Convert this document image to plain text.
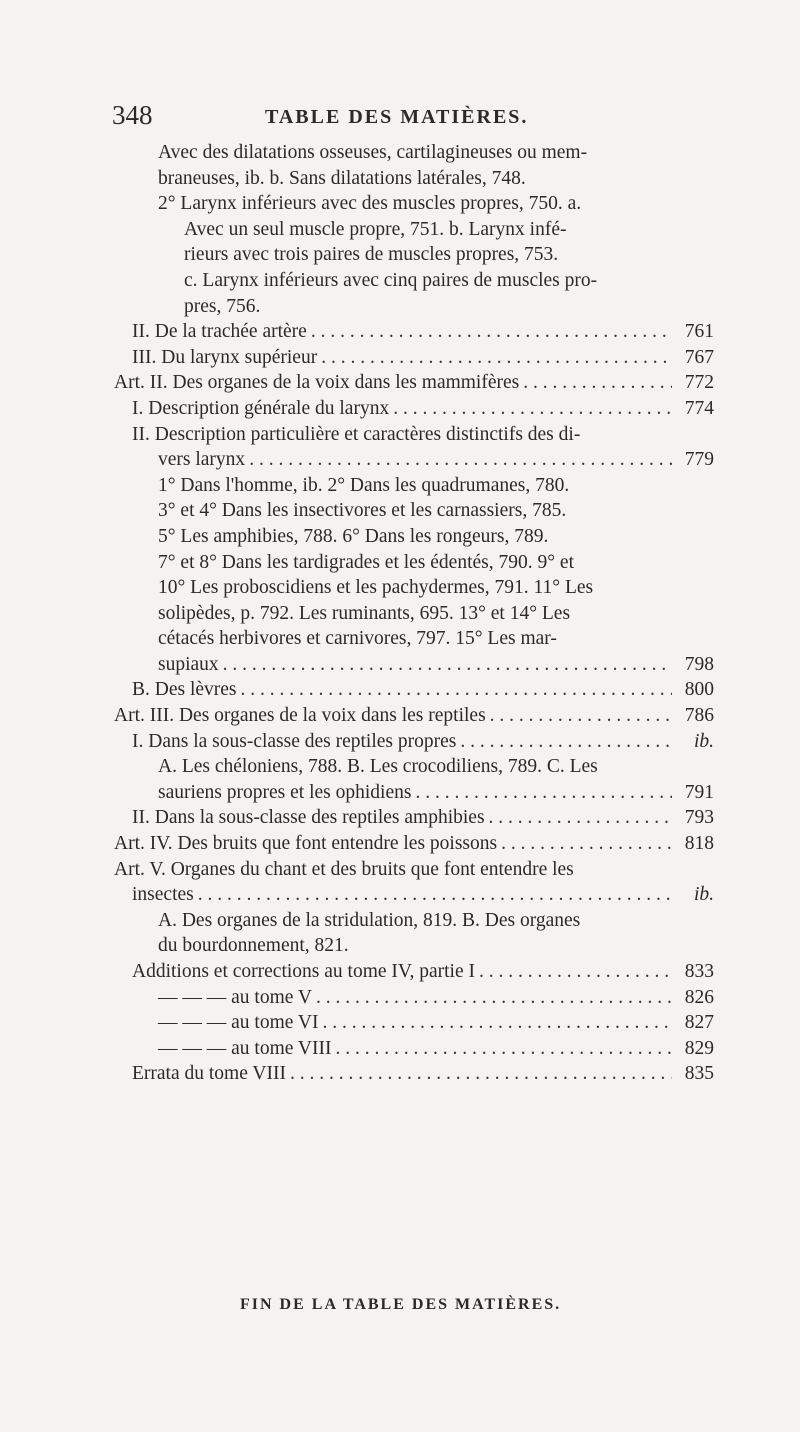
348	TABLE DES MATIÈRES.
Avec des dilatations osseuses, cartilagineuses ou mem-
braneuses, ib. b. Sans dilatations latérales, 748.
2° Larynx inférieurs avec des muscles propres, 750. a.
Avec un seul muscle propre, 751. b. Larynx infé-
rieurs avec trois paires de muscles propres, 753.
c. Larynx inférieurs avec cinq paires de muscles pro-
pres, 756.
II. De la trachée artère . . .	761
III. Du larynx supérieur . . .	767
Art. II. Des organes de la voix dans les mammifères . . .	772
I. Description générale du larynx . . .	774
II. Description particulière et caractères distinctifs des di-
vers larynx . . .	779
1° Dans l'homme, ib. 2° Dans les quadrumanes, 780.
3° et 4° Dans les insectivores et les carnassiers, 785.
5° Les amphibies, 788. 6° Dans les rongeurs, 789.
7° et 8° Dans les tardigrades et les édentés, 790. 9° et
10° Les proboscidiens et les pachydermes, 791. 11° Les
solipèdes, p. 792. Les ruminants, 695. 13° et 14° Les
cétacés herbivores et carnivores, 797. 15° Les mar-
supiaux . . .	798
B. Des lèvres . . .	800
Art. III. Des organes de la voix dans les reptiles . . .	786
I. Dans la sous-classe des reptiles propres . . .	ib.
A. Les chéloniens, 788. B. Les crocodiliens, 789. C. Les
sauriens propres et les ophidiens . . .	791
II. Dans la sous-classe des reptiles amphibies . . .	793
Art. IV. Des bruits que font entendre les poissons . . .	818
Art. V. Organes du chant et des bruits que font entendre les
insectes . . .	ib.
A. Des organes de la stridulation, 819. B. Des organes
du bourdonnement, 821.
Additions et corrections au tome IV, partie I . . .	833
— — — au tome V . . .	826
— — — au tome VI . . .	827
— — — au tome VIII . . .	829
Errata du tome VIII . . .	835
FIN DE LA TABLE DES MATIÈRES.
